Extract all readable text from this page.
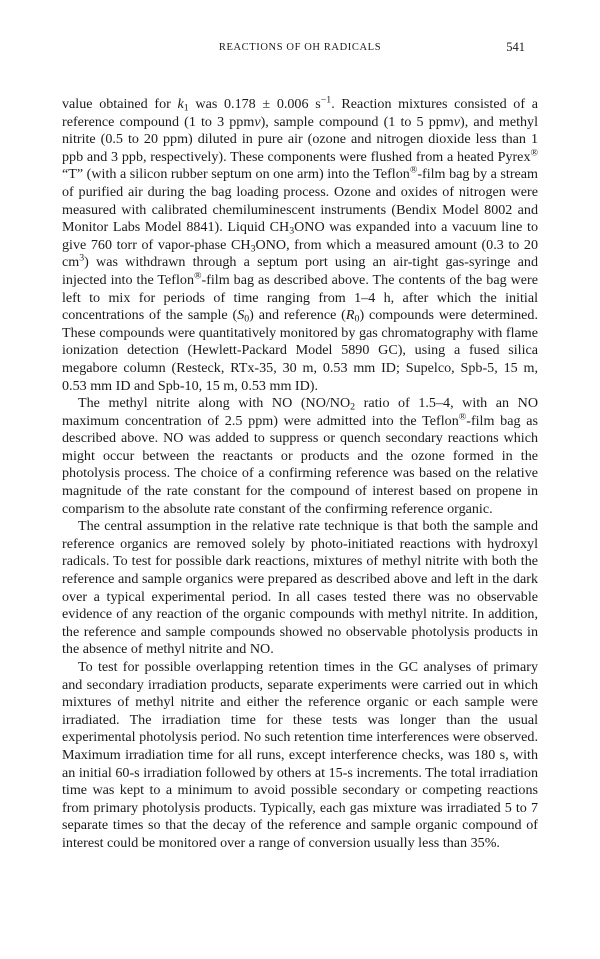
REACTIONS OF OH RADICALS	541

value obtained for $k_1$ was 0.178 ± 0.006 $s^{-1}$. Reaction mixtures consisted of a reference compound (1 to 3 ppmv), sample compound (1 to 5 ppmv), and methyl nitrite (0.5 to 20 ppm) diluted in pure air (ozone and nitrogen dioxide less than 1 ppb and 3 ppb, respectively). These components were flushed from a heated Pyrex® “T” (with a silicon rubber septum on one arm) into the Teflon®-film bag by a stream of purified air during the bag loading process. Ozone and oxides of nitrogen were measured with calibrated chemiluminescent instruments (Bendix Model 8002 and Monitor Labs Model 8841). Liquid $CH_3ONO$ was expanded into a vacuum line to give 760 torr of vapor-phase $CH_3ONO$, from which a measured amount (0.3 to 20 $cm^3$) was withdrawn through a septum port using an air-tight gas-syringe and injected into the Teflon®-film bag as described above. The contents of the bag were left to mix for periods of time ranging from 1–4 h, after which the initial concentrations of the sample $(S_0)$ and reference $(R_0)$ compounds were determined. These compounds were quantitatively monitored by gas chromatography with flame ionization detection (Hewlett-Packard Model 5890 GC), using a fused silica megabore column (Resteck, RTx-35, 30 m, 0.53 mm ID; Supelco, Spb-5, 15 m, 0.53 mm ID and Spb-10, 15 m, 0.53 mm ID).

The methyl nitrite along with NO ($NO/NO_2$ ratio of 1.5–4, with an NO maximum concentration of 2.5 ppm) were admitted into the Teflon®-film bag as described above. NO was added to suppress or quench secondary reactions which might occur between the reactants or products and the ozone formed in the photolysis process. The choice of a confirming reference was based on the relative magnitude of the rate constant for the compound of interest based on propene in comparism to the absolute rate constant of the confirming reference organic.

The central assumption in the relative rate technique is that both the sample and reference organics are removed solely by photo-initiated reactions with hydroxyl radicals. To test for possible dark reactions, mixtures of methyl nitrite with both the reference and sample organics were prepared as described above and left in the dark over a typical experimental period. In all cases tested there was no observable evidence of any reaction of the organic compounds with methyl nitrite. In addition, the reference and sample compounds showed no observable photolysis products in the absence of methyl nitrite and NO.

To test for possible overlapping retention times in the GC analyses of primary and secondary irradiation products, separate experiments were carried out in which mixtures of methyl nitrite and either the reference organic or each sample were irradiated. The irradiation time for these tests was longer than the usual experimental photolysis period. No such retention time interferences were observed. Maximum irradiation time for all runs, except interference checks, was 180 s, with an initial 60-s irradiation followed by others at 15-s increments. The total irradiation time was kept to a minimum to avoid possible secondary or competing reactions from primary photolysis products. Typically, each gas mixture was irradiated 5 to 7 separate times so that the decay of the reference and sample organic compound of interest could be monitored over a range of conversion usually less than 35%.
